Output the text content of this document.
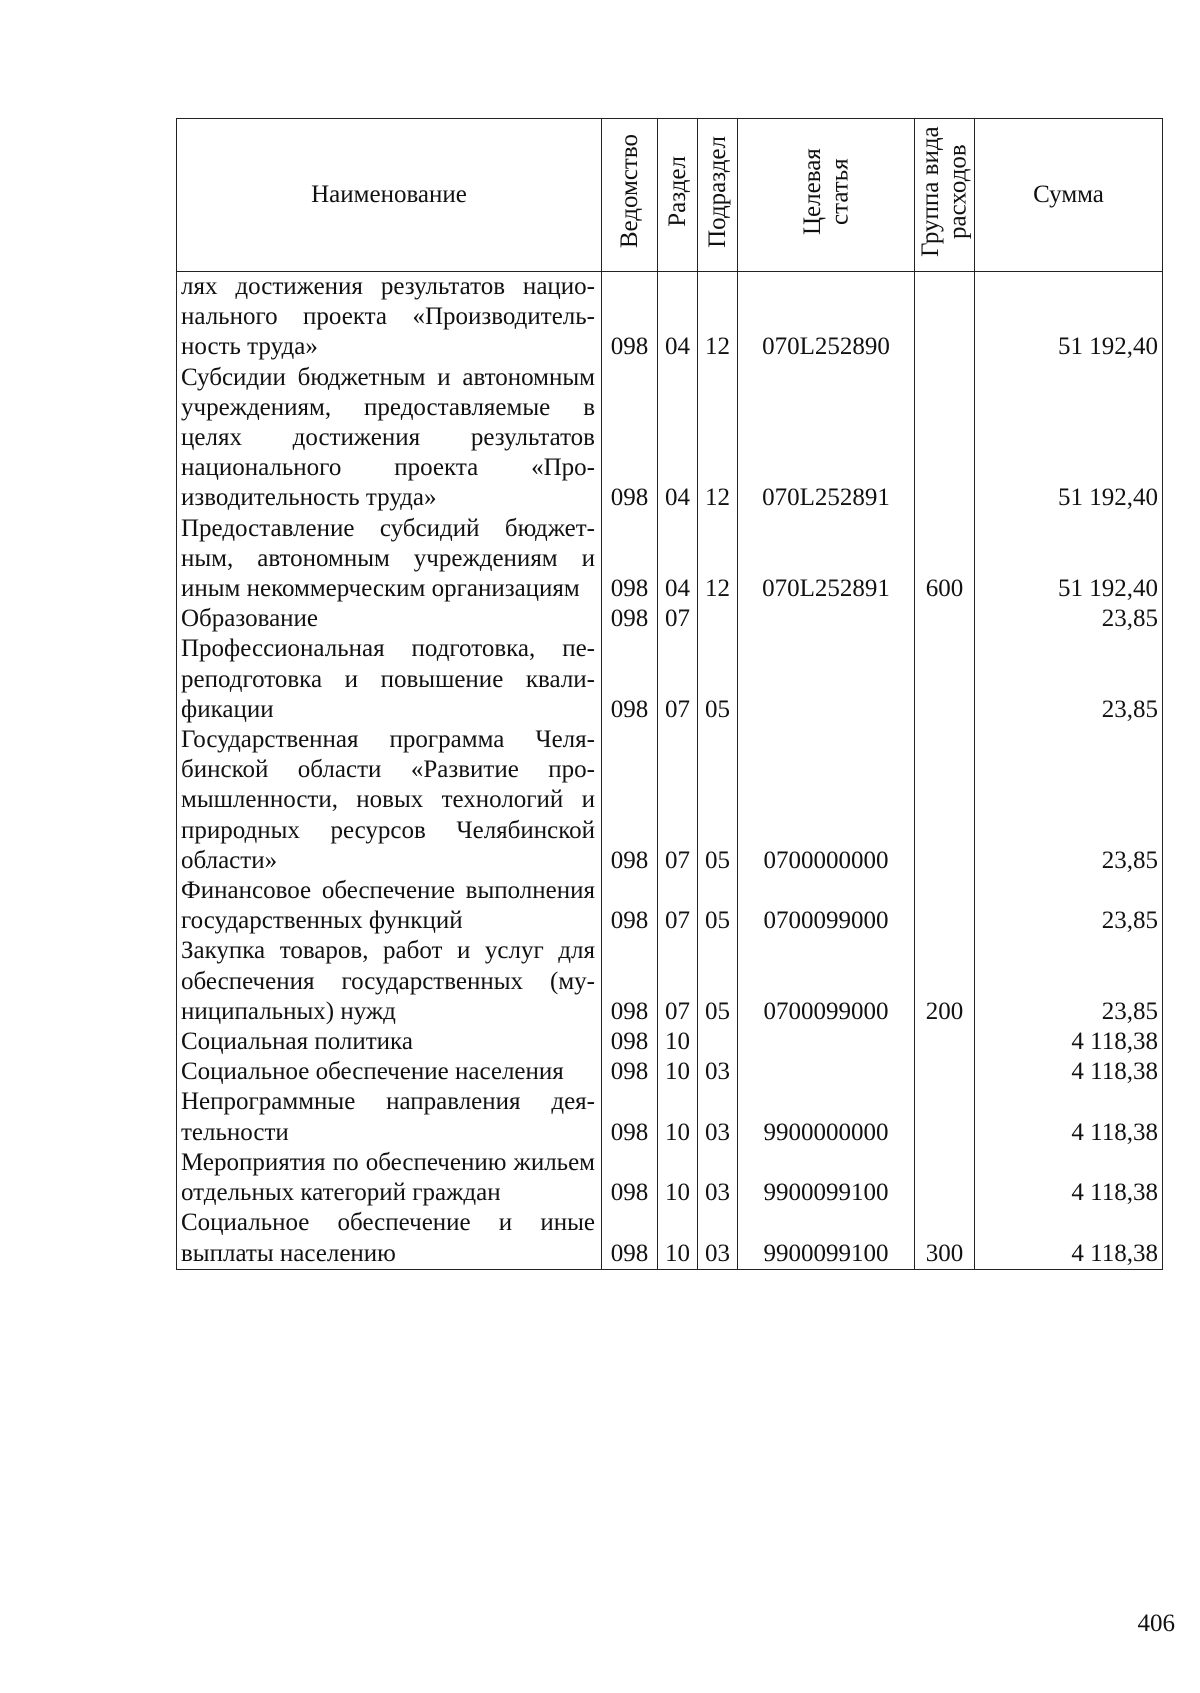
Наименование	Ведомство	Раздел	Подраздел	Целевая статья	Группа вида расходов	Сумма
лях достижения результатов национального проекта «Производительность труда»	098	04	12	070L252890		51 192,40
Субсидии бюджетным и автономным учреждениям, предоставляемые в целях достижения результатов национального проекта «Производительность труда»	098	04	12	070L252891		51 192,40
Предоставление субсидий бюджетным, автономным учреждениям и иным некоммерческим организациям	098	04	12	070L252891	600	51 192,40
Образование	098	07				23,85
Профессиональная подготовка, переподготовка и повышение квалификации	098	07	05			23,85
Государственная программа Челябинской области «Развитие промышленности, новых технологий и природных ресурсов Челябинской области»	098	07	05	0700000000		23,85
Финансовое обеспечение выполнения государственных функций	098	07	05	0700099000		23,85
Закупка товаров, работ и услуг для обеспечения государственных (муниципальных) нужд	098	07	05	0700099000	200	23,85
Социальная политика	098	10				4 118,38
Социальное обеспечение населения	098	10	03			4 118,38
Непрограммные направления деятельности	098	10	03	9900000000		4 118,38
Мероприятия по обеспечению жильем отдельных категорий граждан	098	10	03	9900099100		4 118,38
Социальное обеспечение и иные выплаты населению	098	10	03	9900099100	300	4 118,38
406
